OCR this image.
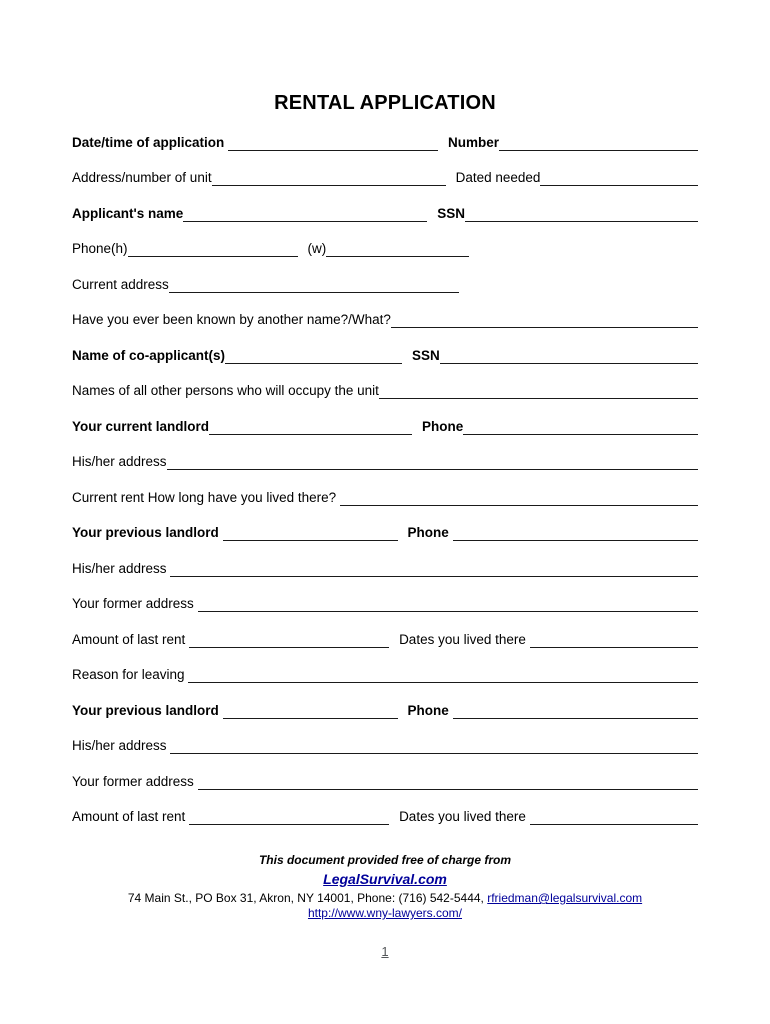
RENTAL APPLICATION
Date/time of application	Number
Address/number of unit	Dated needed
Applicant's name	SSN
Phone(h)	(w)
Current address
Have you ever been known by another name?/What?
Name of co-applicant(s)	SSN
Names of all other persons who will occupy the unit
Your current landlord	Phone
His/her address
Current rent How long have you lived there?
Your previous landlord	Phone
His/her address
Your former address
Amount of last rent	Dates you lived there
Reason for leaving
Your previous landlord	Phone
His/her address
Your former address
Amount of last rent	Dates you lived there
This document provided free of charge from
LegalSurvival.com
74 Main St., PO Box 31, Akron, NY 14001, Phone: (716) 542-5444, rfriedman@legalsurvival.com
http://www.wny-lawyers.com/
1
